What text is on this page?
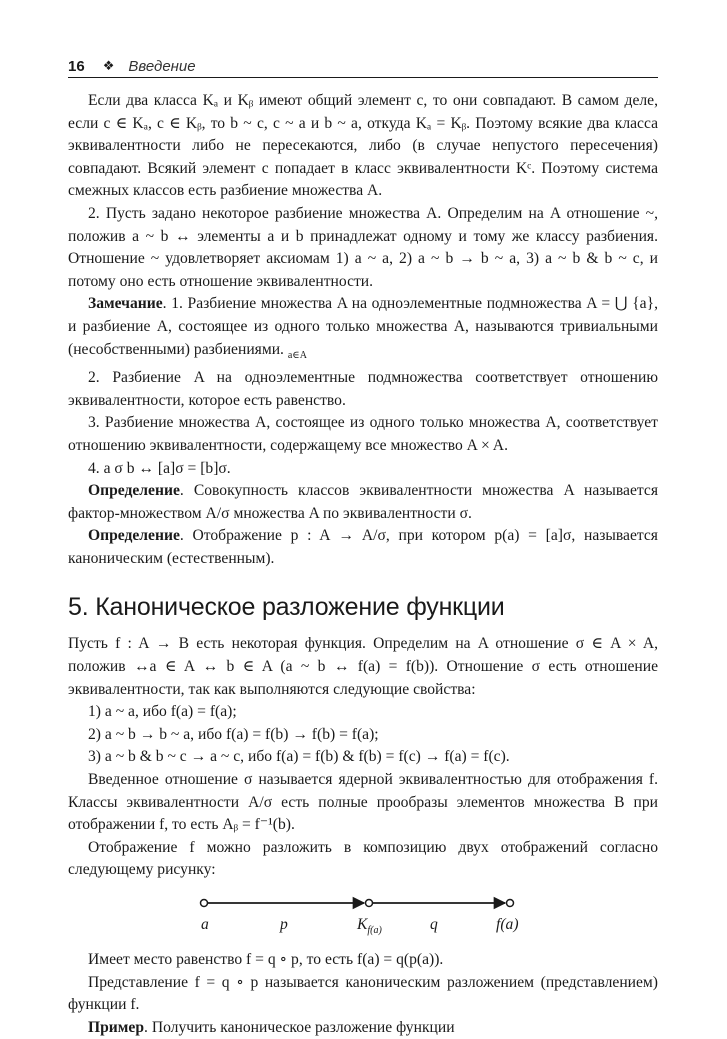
16 ❖ Введение

Если два класса Kₐ и Kᵦ имеют общий элемент c, то они совпадают. В самом деле, если c ∈ Kₐ, c ∈ Kᵦ, то b ~ c, c ~ a и b ~ a, откуда Kₐ = Kᵦ. Поэтому всякие два класса эквивалентности либо не пересекаются, либо (в случае непустого пересечения) совпадают. Всякий элемент c попадает в класс эквивалентности Kᶜ. Поэтому система смежных классов есть разбиение множества A.

2. Пусть задано некоторое разбиение множества A. Определим на A отношение ~, положив a ~ b ↔ элементы a и b принадлежат одному и тому же классу разбиения. Отношение ~ удовлетворяет аксиомам 1) a ~ a, 2) a ~ b → b ~ a, 3) a ~ b & b ~ c, и потому оно есть отношение эквивалентности.

Замечание. 1. Разбиение множества A на одноэлементные подмножества A = ⋃ {a}, и разбиение A, состоящее из одного только множества A, называются тривиальными (несобственными) разбиениями. $_{a\in A}$

2. Разбиение A на одноэлементные подмножества соответствует отношению эквивалентности, которое есть равенство.

3. Разбиение множества A, состоящее из одного только множества A, соответствует отношению эквивалентности, содержащему все множество A × A.

4. a σ b ↔ [a]σ = [b]σ.

Определение. Совокупность классов эквивалентности множества A называется фактор-множеством A/σ множества A по эквивалентности σ.

Определение. Отображение p : A → A/σ, при котором p(a) = [a]σ, называется каноническим (естественным).

5. Каноническое разложение функции

Пусть f : A → B есть некоторая функция. Определим на A отношение σ ∈ A × A, положив ↔a ∈ A ↔ b ∈ A (a ~ b ↔ f(a) = f(b)). Отношение σ есть отношение эквивалентности, так как выполняются следующие свойства:

1) a ~ a, ибо f(a) = f(a);

2) a ~ b → b ~ a, ибо f(a) = f(b) → f(b) = f(a);

3) a ~ b & b ~ c → a ~ c, ибо f(a) = f(b) & f(b) = f(c) → f(a) = f(c).

Введенное отношение σ называется ядерной эквивалентностью для отображения f. Классы эквивалентности A/σ есть полные прообразы элементов множества B при отображении f, то есть Aᵦ = f⁻¹(b).

Отображение f можно разложить в композицию двух отображений согласно следующему рисунку:

a	p	$K_{f(a)}$	q	f(a)

Имеет место равенство f = q ∘ p, то есть f(a) = q(p(a)).

Представление f = q ∘ p называется каноническим разложением (представлением) функции f.

Пример. Получить каноническое разложение функции
